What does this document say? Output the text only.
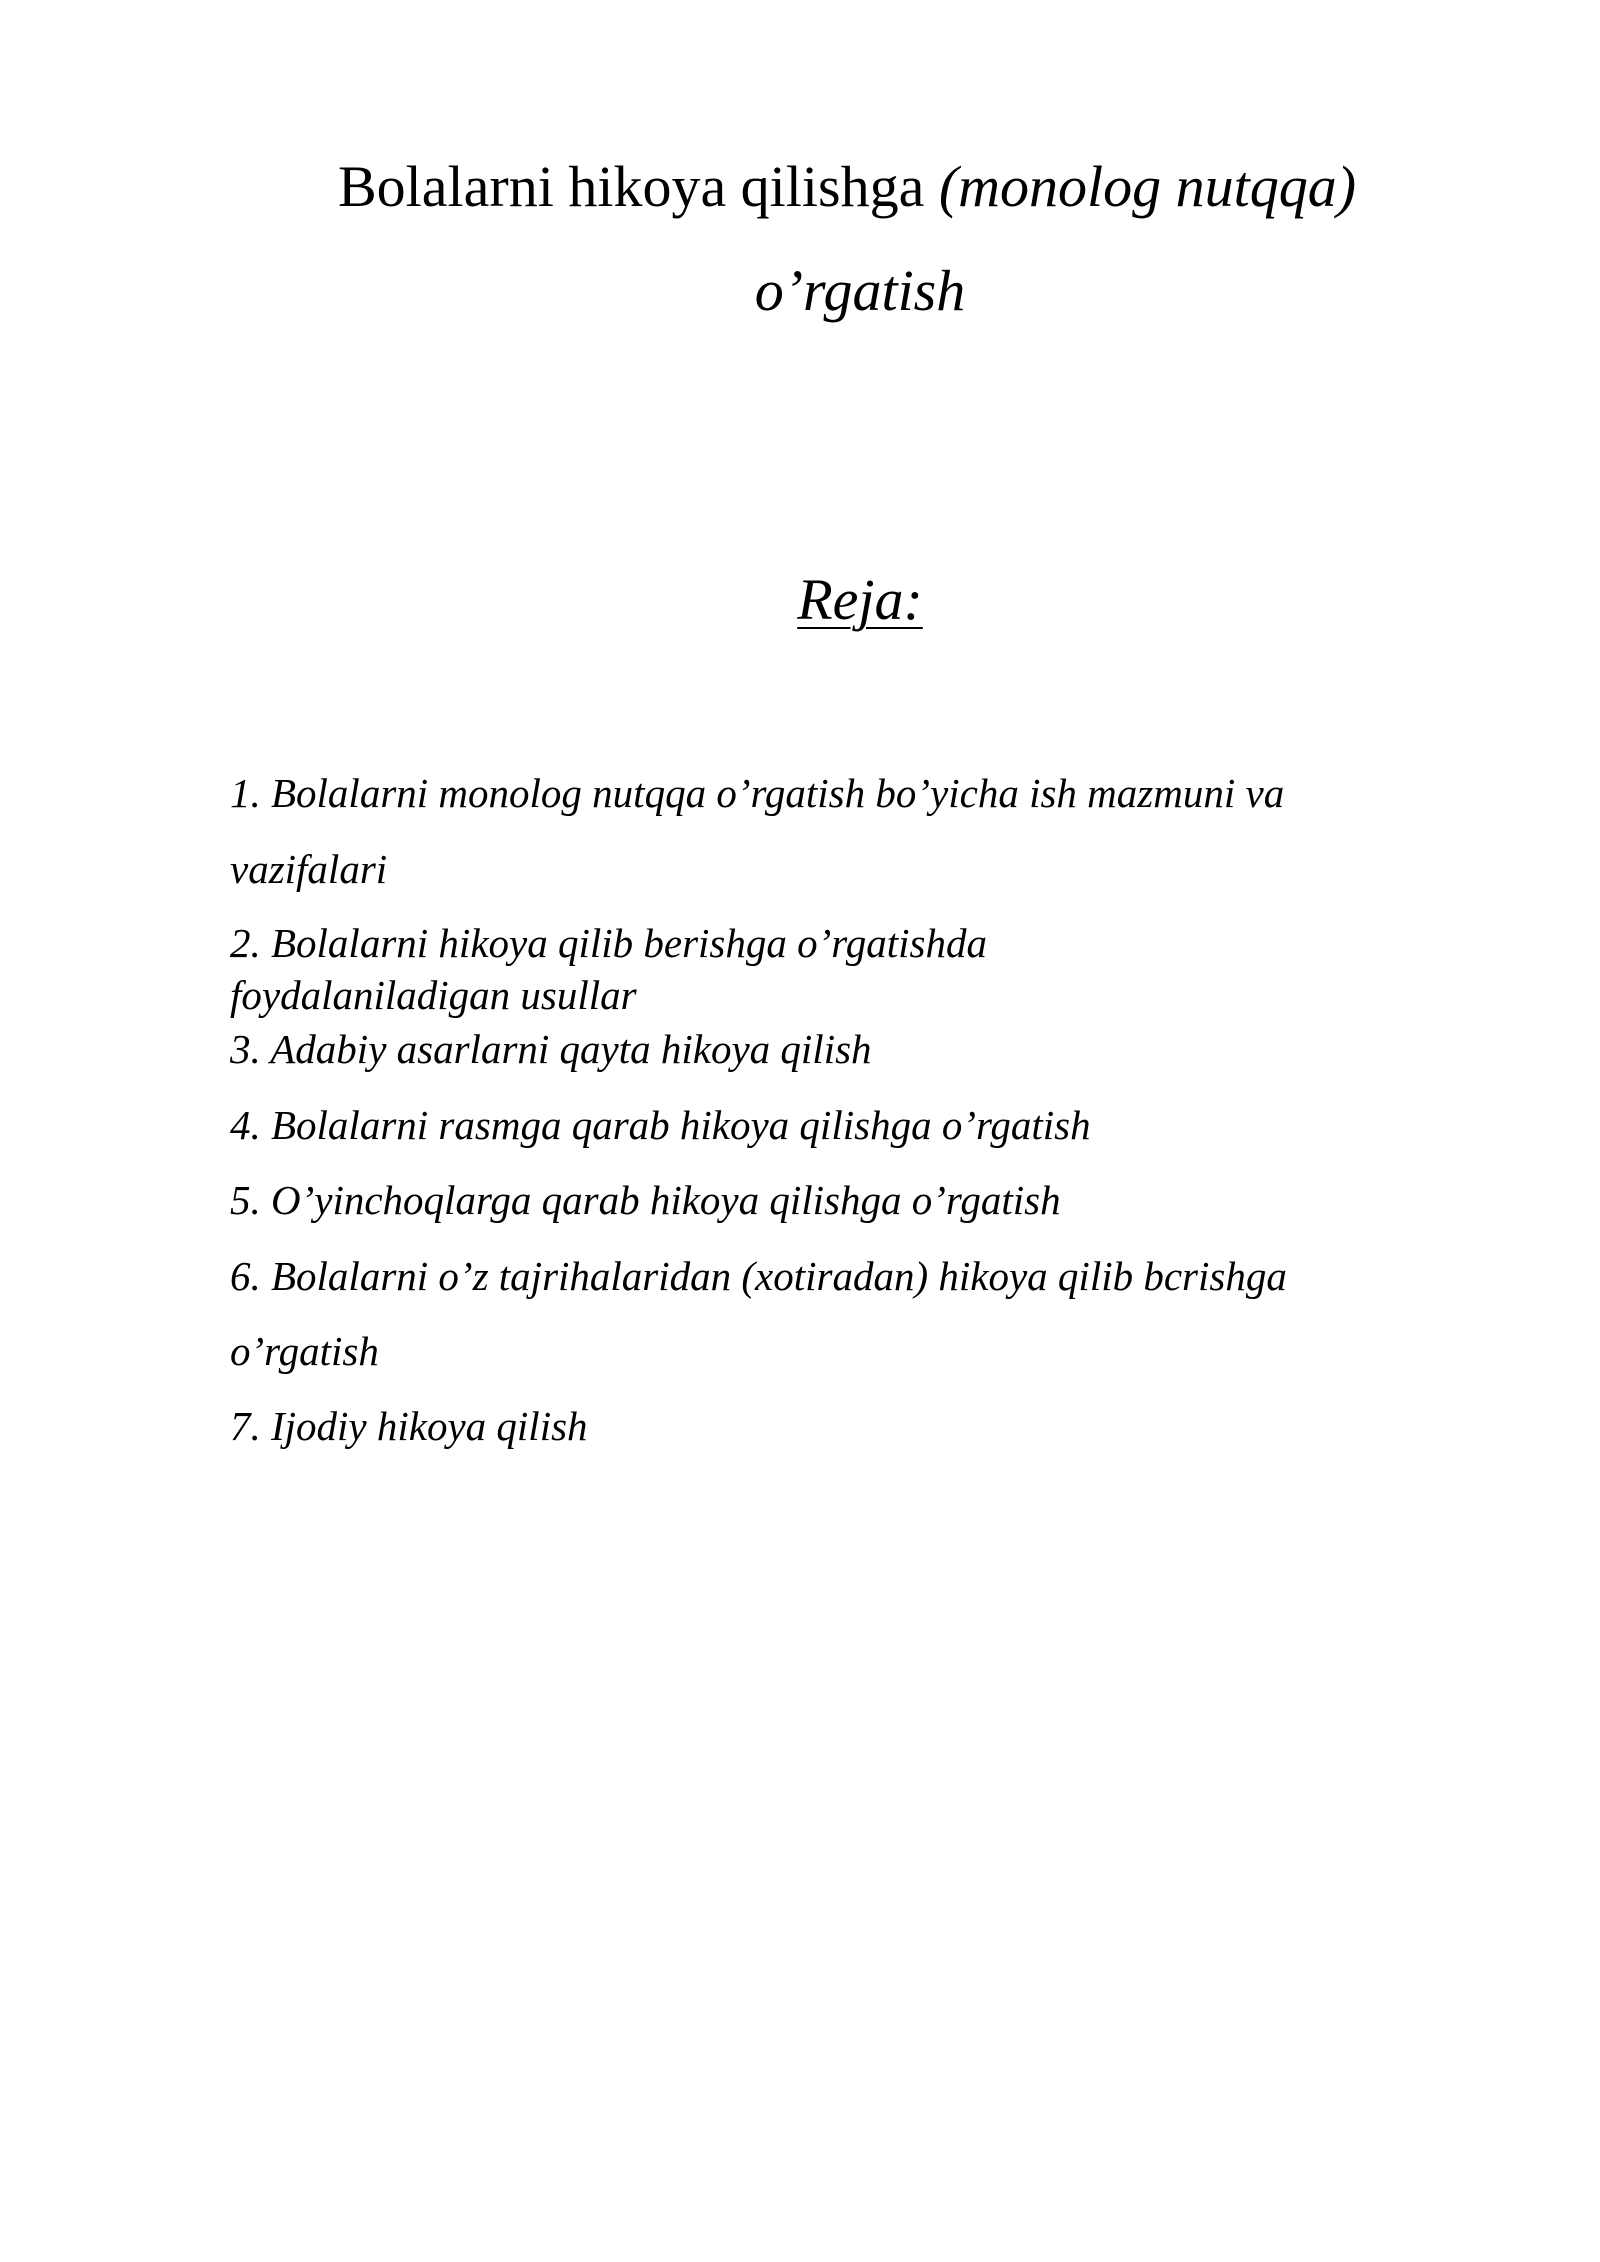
Bolalarni hikoya qilishga (monolog nutqqa)
o’rgatish
Reja:
1. Bolalarni monolog nutqqa o’rgatish bo’yicha ish mazmuni va
vazifalari
2. Bolalarni hikoya qilib berishga o’rgatishda
foydalaniladigan usullar
3. Adabiy asarlarni qayta hikoya qilish
4. Bolalarni rasmga qarab hikoya qilishga o’rgatish
5. O’yinchoqlarga qarab hikoya qilishga o’rgatish
6. Bolalarni o’z tajrihalaridan (xotiradan) hikoya qilib bcrishga
o’rgatish
7. Ijodiy hikoya qilish
